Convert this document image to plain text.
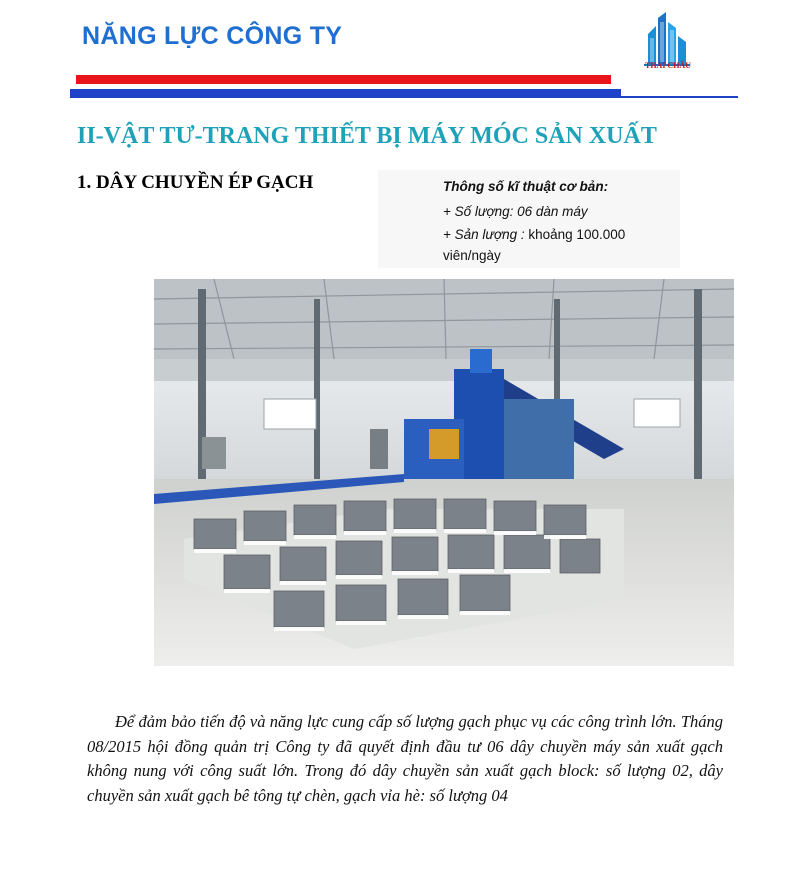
NĂNG LỰC CÔNG TY
THÁI CHÂU
II-VẬT TƯ-TRANG THIẾT BỊ MÁY MÓC SẢN XUẤT
1. DÂY CHUYỀN ÉP GẠCH	Thông số kĩ thuật cơ bản:
+ Số lượng: 06 dàn máy
+ Sản lượng : khoảng 100.000
viên/ngày
Để đảm bảo tiến độ và năng lực cung cấp số lượng gạch phục vụ các công trình lớn. Tháng 08/2015 hội đồng quản trị Công ty đã quyết định đầu tư 06 dây chuyền máy sản xuất gạch không nung với công suất lớn. Trong đó dây chuyền sản xuất gạch block: số lượng 02, dây chuyền sản xuất gạch bê tông tự chèn, gạch vỉa hè: số lượng 04
